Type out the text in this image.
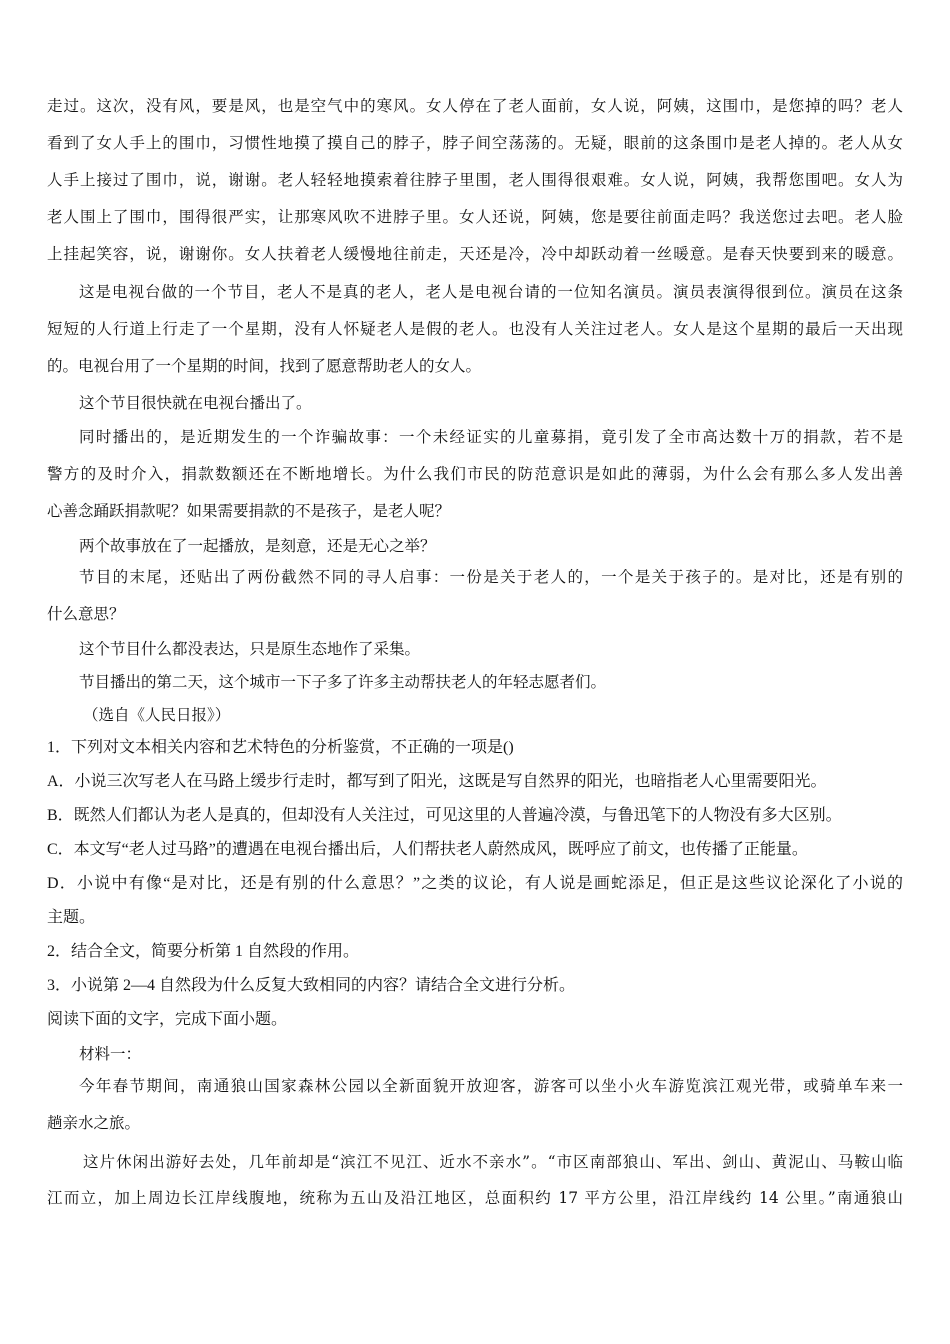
走过。这次，没有风，要是风，也是空气中的寒风。女人停在了老人面前，女人说，阿姨，这围巾，是您掉的吗？老人
看到了女人手上的围巾，习惯性地摸了摸自己的脖子，脖子间空荡荡的。无疑，眼前的这条围巾是老人掉的。老人从女
人手上接过了围巾，说，谢谢。老人轻轻地摸索着往脖子里围，老人围得很艰难。女人说，阿姨，我帮您围吧。女人为
老人围上了围巾，围得很严实，让那寒风吹不进脖子里。女人还说，阿姨，您是要往前面走吗？我送您过去吧。老人脸
上挂起笑容，说，谢谢你。女人扶着老人缓慢地往前走，天还是冷，冷中却跃动着一丝暖意。是春天快要到来的暖意。
这是电视台做的一个节目，老人不是真的老人，老人是电视台请的一位知名演员。演员表演得很到位。演员在这条
短短的人行道上行走了一个星期，没有人怀疑老人是假的老人。也没有人关注过老人。女人是这个星期的最后一天出现
的。电视台用了一个星期的时间，找到了愿意帮助老人的女人。
这个节目很快就在电视台播出了。
同时播出的，是近期发生的一个诈骗故事：一个未经证实的儿童募捐，竟引发了全市高达数十万的捐款，若不是
警方的及时介入，捐款数额还在不断地增长。为什么我们市民的防范意识是如此的薄弱，为什么会有那么多人发出善
心善念踊跃捐款呢？如果需要捐款的不是孩子，是老人呢？
两个故事放在了一起播放，是刻意，还是无心之举？
节目的末尾，还贴出了两份截然不同的寻人启事：一份是关于老人的，一个是关于孩子的。是对比，还是有别的
什么意思？
这个节目什么都没表达，只是原生态地作了采集。
节目播出的第二天，这个城市一下子多了许多主动帮扶老人的年轻志愿者们。
（选自《人民日报》）
1．下列对文本相关内容和艺术特色的分析鉴赏，不正确的一项是()
A．小说三次写老人在马路上缓步行走时，都写到了阳光，这既是写自然界的阳光，也暗指老人心里需要阳光。
B．既然人们都认为老人是真的，但却没有人关注过，可见这里的人普遍冷漠，与鲁迅笔下的人物没有多大区别。
C．本文写“老人过马路”的遭遇在电视台播出后，人们帮扶老人蔚然成风，既呼应了前文，也传播了正能量。
D．小说中有像“是对比，还是有别的什么意思？”之类的议论，有人说是画蛇添足，但正是这些议论深化了小说的
主题。
2．结合全文，简要分析第 1 自然段的作用。
3．小说第 2—4 自然段为什么反复大致相同的内容？请结合全文进行分析。
阅读下面的文字，完成下面小题。
材料一：
今年春节期间，南通狼山国家森林公园以全新面貌开放迎客，游客可以坐小火车游览滨江观光带，或骑单车来一
趟亲水之旅。
这片休闲出游好去处，几年前却是“滨江不见江、近水不亲水”。“市区南部狼山、军出、剑山、黄泥山、马鞍山临
江而立，加上周边长江岸线腹地，统称为五山及沿江地区，总面积约 17 平方公里，沿江岸线约 14 公里。”南通狼山
